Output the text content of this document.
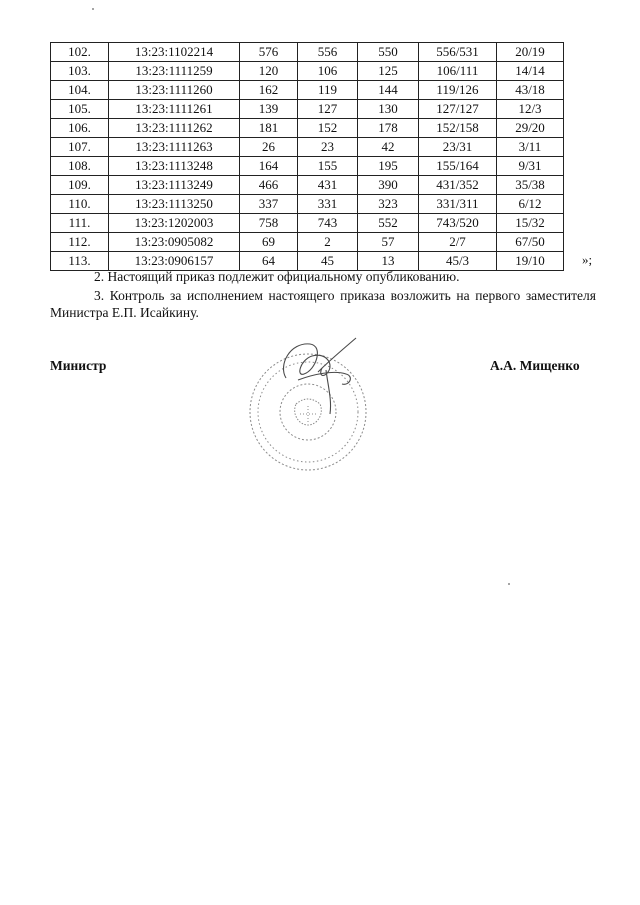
102.	13:23:1102214	576	556	550	556/531	20/19
103.	13:23:1111259	120	106	125	106/111	14/14
104.	13:23:1111260	162	119	144	119/126	43/18
105.	13:23:1111261	139	127	130	127/127	12/3
106.	13:23:1111262	181	152	178	152/158	29/20
107.	13:23:1111263	26	23	42	23/31	3/11
108.	13:23:1113248	164	155	195	155/164	9/31
109.	13:23:1113249	466	431	390	431/352	35/38
110.	13:23:1113250	337	331	323	331/311	6/12
111.	13:23:1202003	758	743	552	743/520	15/32
112.	13:23:0905082	69	2	57	2/7	67/50
113.	13:23:0906157	64	45	13	45/3	19/10	»;
2. Настоящий приказ подлежит официальному опубликованию.
3. Контроль за исполнением настоящего приказа возложить на первого заместителя Министра Е.П. Исайкину.
Министр	А.А. Мищенко
